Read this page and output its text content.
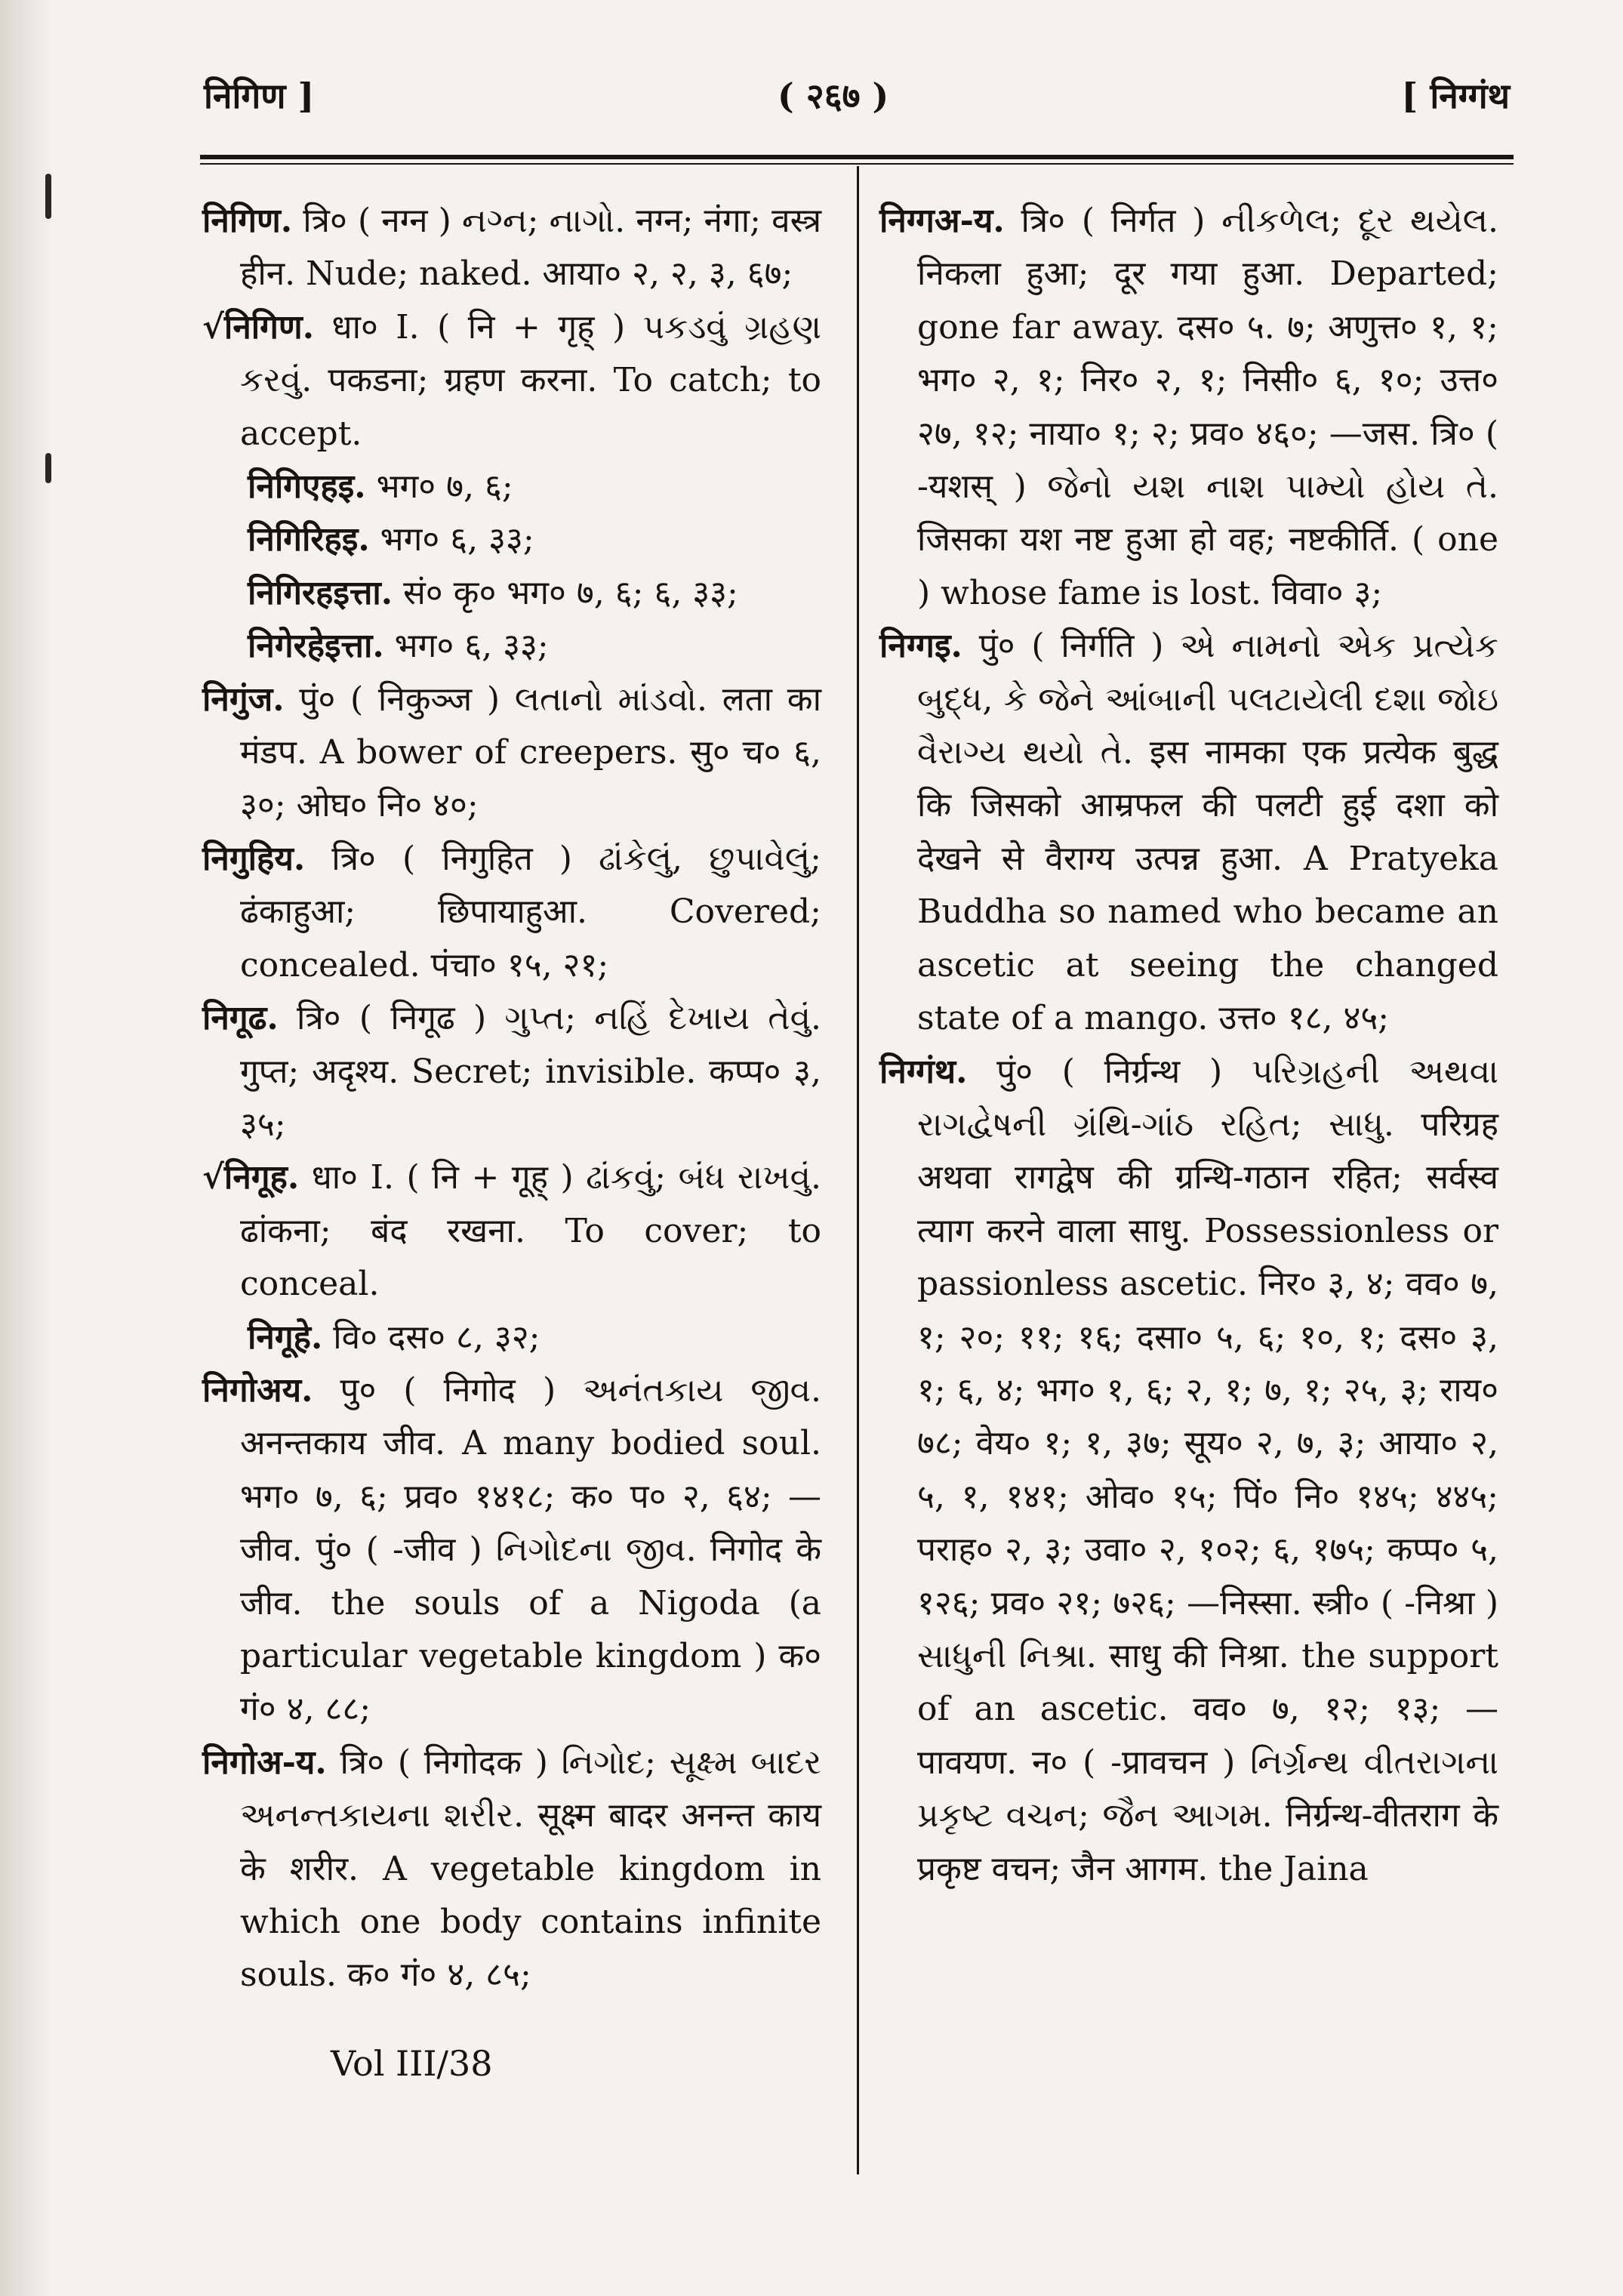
निगिण ]	( २६७ )	[ निग्गंथ

निगिण. त्रि० ( नग्न ) નગ્ન; નાગો. नग्न; नंगा; वस्त्र हीन. Nude; naked. आया० २, २, ३, ६७;

√निगिण. धा० I. ( नि + गृह् ) પકડવું ગ્રહણ કરવું. पकडना; ग्रहण करना. To catch; to accept.

निगिएहइ. भग० ७, ६;

निगिरिहइ. भग० ६, ३३;

निगिरहइत्ता. सं० कृ० भग० ७, ६; ६, ३३;

निगेरहेइत्ता. भग० ६, ३३;

निगुंज. पुं० ( निकुञ्ज ) લતાનો માંડવો. लता का मंडप. A bower of creepers. सु० च० ६, ३०; ओघ० नि० ४०;

निगुहिय. त्रि० ( निगुहित ) ઢાંકેલું, છુપાવેલું; ढंकाहुआ; छिपायाहुआ. Covered; concealed. पंचा० १५, २१;

निगूढ. त्रि० ( निगूढ ) ગુપ્ત; નહિં દેખાય તેવું. गुप्त; अदृश्य. Secret; invisible. कप्प० ३, ३५;

√निगूह. धा० I. ( नि + गूह् ) ઢાંકવું; બંધ રાખવું. ढांकना; बंद रखना. To cover; to conceal.

निगूहे. वि० दस० ८, ३२;

निगोअय. पु० ( निगोद ) અનંતકાય જીવ. अनन्तकाय जीव. A many bodied soul. भग० ७, ६; प्रव० १४१८; क० प० २, ६४; —जीव. पुं० ( -जीव ) નિગોદના જીવ. निगोद के जीव. the souls of a Nigoda (a particular vegetable kingdom ) क० गं० ४, ८८;

निगोअ-य. त्रि० ( निगोदक ) નિગોદ; સૂક્ષ્મ બાદર અનન્તકાયના શરીર. सूक्ष्म बादर अनन्त काय के शरीर. A vegetable kingdom in which one body contains infinite souls. क० गं० ४, ८५;

निग्गअ-य. त्रि० ( निर्गत ) નીકળેલ; દૂર થયેલ. निकला हुआ; दूर गया हुआ. Departed; gone far away. दस० ५. ७; अणुत्त० १, १; भग० २, १; निर० २, १; निसी० ६, १०; उत्त० २७, १२; नाया० १; २; प्रव० ४६०; —जस. त्रि० ( -यशस् ) જેનો યશ નાશ પામ્યો હોય તે. जिसका यश नष्ट हुआ हो वह; नष्टकीर्ति. ( one ) whose fame is lost. विवा० ३;

निग्गइ. पुं० ( निर्गति ) એ નામનો એક પ્રત્યેક બુદ્ધ, કે જેને આંબાની પલટાયેલી દશા જોઇ વૈરાગ્ય થયો તે. इस नामका एक प्रत्येक बुद्ध कि जिसको आम्रफल की पलटी हुई दशा को देखने से वैराग्य उत्पन्न हुआ. A Pratyeka Buddha so named who became an ascetic at seeing the changed state of a mango. उत्त० १८, ४५;

निग्गंथ. पुं० ( निर्ग्रन्थ ) પરિગ્રહની અથવા રાગદ્વેષની ગ્રંથિ-ગાંઠ રહિત; સાધુ. परिग्रह अथवा रागद्वेष की ग्रन्थि-गठान रहित; सर्वस्व त्याग करने वाला साधु. Possessionless or passionless ascetic. निर० ३, ४; वव० ७, १; २०; ११; १६; दसा० ५, ६; १०, १; दस० ३, १; ६, ४; भग० १, ६; २, १; ७, १; २५, ३; राय० ७८; वेय० १; १, ३७; सूय० २, ७, ३; आया० २, ५, १, १४१; ओव० १५; पिं० नि० १४५; ४४५; पराह० २, ३; उवा० २, १०२; ६, १७५; कप्प० ५, १२६; प्रव० २१; ७२६; —निस्सा. स्त्री० ( -निश्रा ) સાધુની નિશ્રા. साधु की निश्रा. the support of an ascetic. वव० ७, १२; १३; —पावयण. न० ( -प्रावचन ) નિર્ગ્રન્થ વીતરાગના પ્રકૃષ્ટ વચન; જૈન આગમ. निर्ग्रन्थ-वीतराग के प्रकृष्ट वचन; जैन आगम. the Jaina

Vol III/38
